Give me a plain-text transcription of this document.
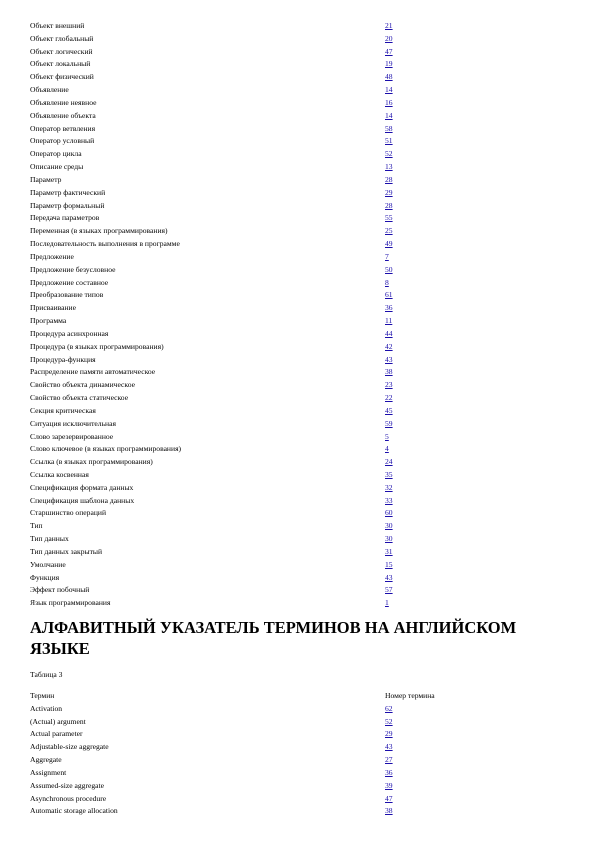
Объект внешний	21
Объект глобальный	20
Объект логический	47
Объект локальный	19
Объект физический	48
Объявление	14
Объявление неявное	16
Объявление объекта	14
Оператор ветвления	58
Оператор условный	51
Оператор цикла	52
Описание среды	13
Параметр	28
Параметр фактический	29
Параметр формальный	28
Передача параметров	55
Переменная (в языках программирования)	25
Последовательность выполнения в программе	49
Предложение	7
Предложение безусловное	50
Предложение составное	8
Преобразование типов	61
Присваивание	36
Программа	11
Процедура асинхронная	44
Процедура (в языках программирования)	42
Процедура-функция	43
Распределение памяти автоматическое	38
Свойство объекта динамическое	23
Свойство объекта статическое	22
Секция критическая	45
Ситуация исключительная	59
Слово зарезервированное	5
Слово ключевое (в языках программирования)	4
Ссылка (в языках программирования)	24
Ссылка косвенная	35
Спецификация формата данных	32
Спецификация шаблона данных	33
Старшинство операций	60
Тип	30
Тип данных	30
Тип данных закрытый	31
Умолчание	15
Функция	43
Эффект побочный	57
Язык программирования	1
АЛФАВИТНЫЙ УКАЗАТЕЛЬ ТЕРМИНОВ НА АНГЛИЙСКОМ ЯЗЫКЕ
Таблица 3
Термин	Номер термина
Activation	62
(Actual) argument	52
Actual parameter	29
Adjustable-size aggregate	43
Aggregate	27
Assignment	36
Assumed-size aggregate	39
Asynchronous procedure	47
Automatic storage allocation	38
